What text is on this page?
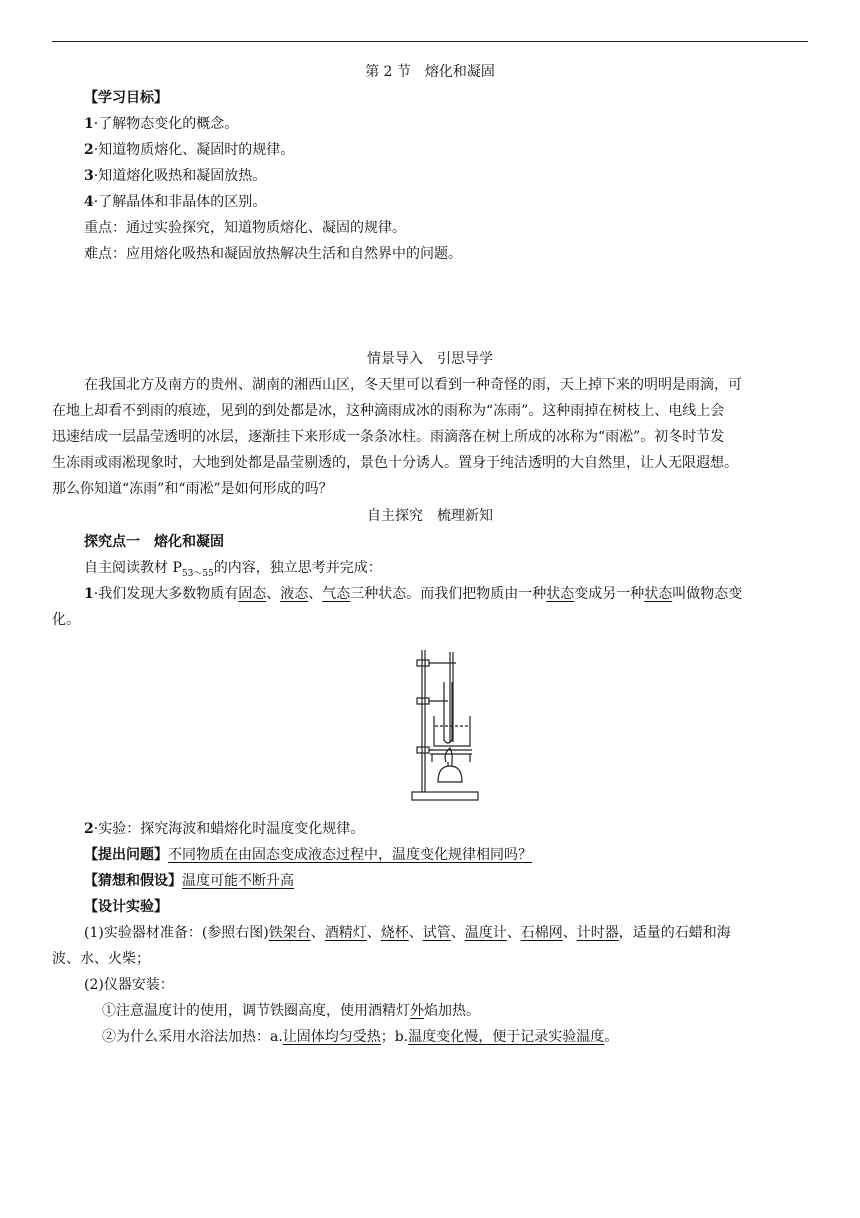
第 2 节　熔化和凝固
【学习目标】
1·了解物态变化的概念。
2·知道物质熔化、凝固时的规律。
3·知道熔化吸热和凝固放热。
4·了解晶体和非晶体的区别。
重点：通过实验探究，知道物质熔化、凝固的规律。
难点：应用熔化吸热和凝固放热解决生活和自然界中的问题。
情景导入　引思导学
在我国北方及南方的贵州、湖南的湘西山区，冬天里可以看到一种奇怪的雨，天上掉下来的明明是雨滴，可
在地上却看不到雨的痕迹，见到的到处都是冰，这种滴雨成冰的雨称为“冻雨”。这种雨掉在树枝上、电线上会
迅速结成一层晶莹透明的冰层，逐渐挂下来形成一条条冰柱。雨滴落在树上所成的冰称为“雨凇”。初冬时节发
生冻雨或雨凇现象时，大地到处都是晶莹剔透的，景色十分诱人。置身于纯洁透明的大自然里，让人无限遐想。
那么你知道“冻雨”和“雨凇”是如何形成的吗？
自主探究　梳理新知
探究点一　熔化和凝固
自主阅读教材 $P_{53\sim 55}$的内容，独立思考并完成：
1·我们发现大多数物质有固态、液态、气态三种状态。而我们把物质由一种状态变成另一种状态叫做物态变
化。
2·实验：探究海波和蜡熔化时温度变化规律。
【提出问题】不同物质在由固态变成液态过程中，温度变化规律相同吗？
【猜想和假设】温度可能不断升高
【设计实验】
(1)实验器材准备：(参照右图)铁架台、酒精灯、烧杯、试管、温度计、石棉网、计时器，适量的石蜡和海
波、水、火柴；
(2)仪器安装：
①注意温度计的使用，调节铁圈高度，使用酒精灯外焰加热。
②为什么采用水浴法加热：a.让固体均匀受热；b.温度变化慢，便于记录实验温度。
